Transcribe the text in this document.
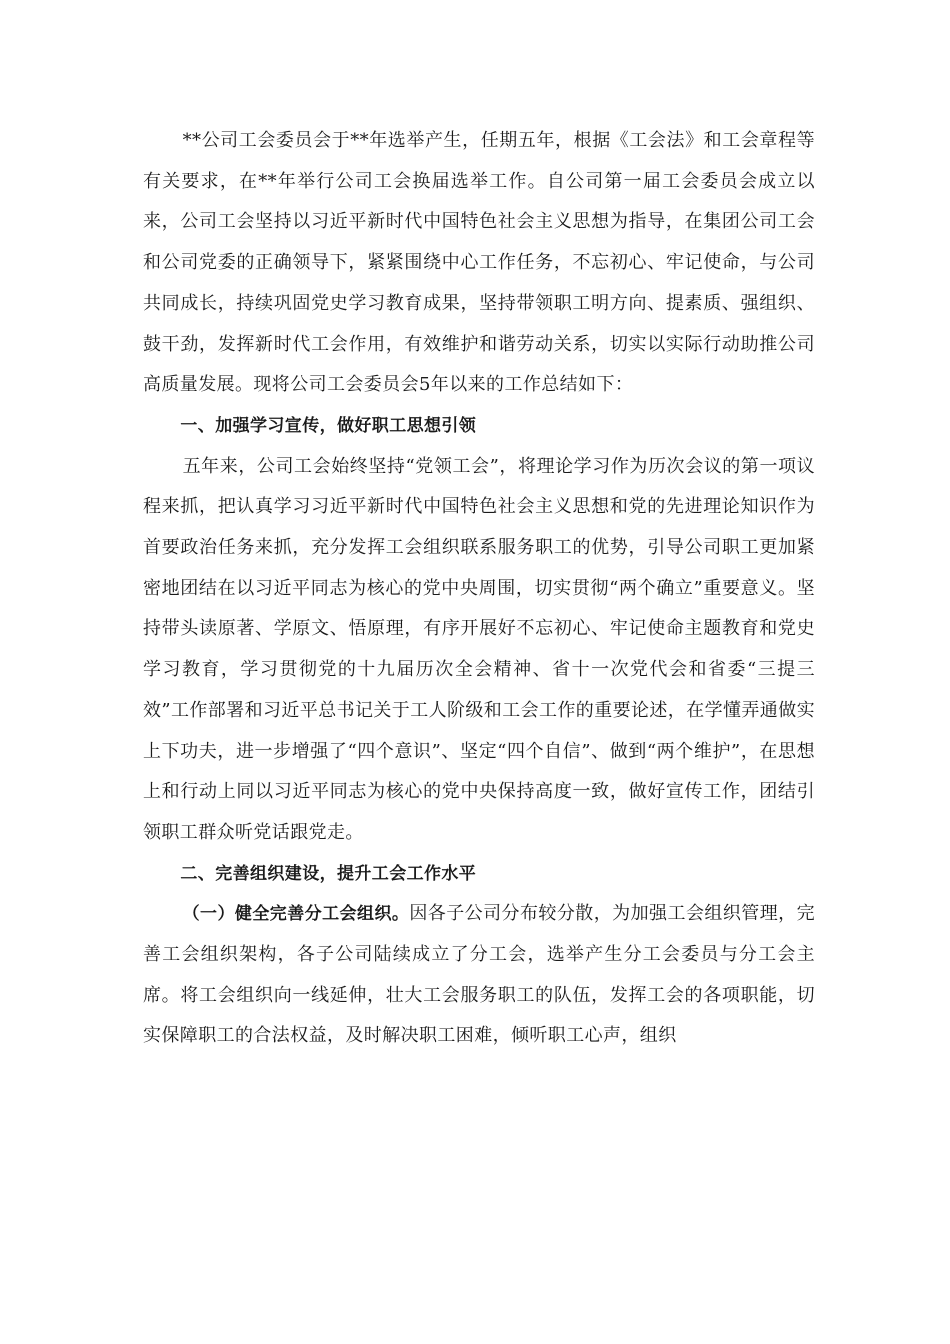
**公司工会委员会于**年选举产生，任期五年，根据《工会法》和工会章程等有关要求，在**年举行公司工会换届选举工作。自公司第一届工会委员会成立以来，公司工会坚持以习近平新时代中国特色社会主义思想为指导，在集团公司工会和公司党委的正确领导下，紧紧围绕中心工作任务，不忘初心、牢记使命，与公司共同成长，持续巩固党史学习教育成果，坚持带领职工明方向、提素质、强组织、鼓干劲，发挥新时代工会作用，有效维护和谐劳动关系，切实以实际行动助推公司高质量发展。现将公司工会委员会5年以来的工作总结如下：

一、加强学习宣传，做好职工思想引领

五年来，公司工会始终坚持“党领工会”，将理论学习作为历次会议的第一项议程来抓，把认真学习习近平新时代中国特色社会主义思想和党的先进理论知识作为首要政治任务来抓，充分发挥工会组织联系服务职工的优势，引导公司职工更加紧密地团结在以习近平同志为核心的党中央周围，切实贯彻“两个确立”重要意义。坚持带头读原著、学原文、悟原理，有序开展好不忘初心、牢记使命主题教育和党史学习教育，学习贯彻党的十九届历次全会精神、省十一次党代会和省委“三提三效”工作部署和习近平总书记关于工人阶级和工会工作的重要论述，在学懂弄通做实上下功夫，进一步增强了“四个意识”、坚定“四个自信”、做到“两个维护”，在思想上和行动上同以习近平同志为核心的党中央保持高度一致，做好宣传工作，团结引领职工群众听党话跟党走。

二、完善组织建设，提升工会工作水平

（一）健全完善分工会组织。因各子公司分布较分散，为加强工会组织管理，完善工会组织架构，各子公司陆续成立了分工会，选举产生分工会委员与分工会主席。将工会组织向一线延伸，壮大工会服务职工的队伍，发挥工会的各项职能，切实保障职工的合法权益，及时解决职工困难，倾听职工心声，组织
